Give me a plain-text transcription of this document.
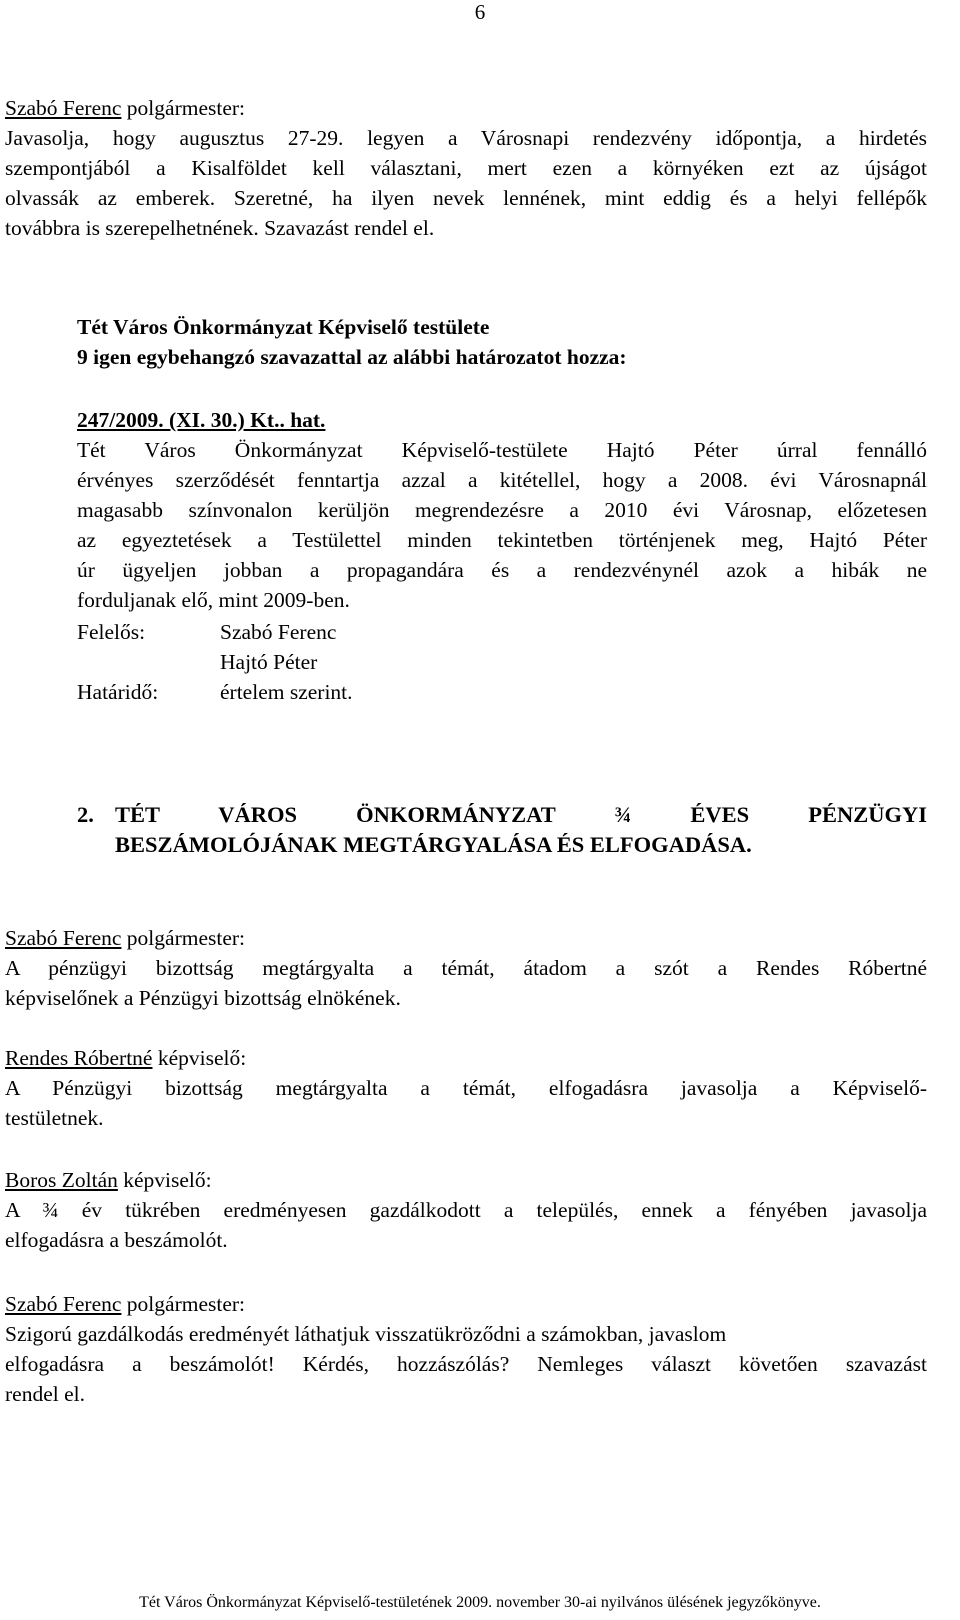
6
Szabó Ferenc polgármester:
Javasolja, hogy augusztus 27-29. legyen a Városnapi rendezvény időpontja, a hirdetés
szempontjából a Kisalföldet kell választani, mert ezen a környéken ezt az újságot
olvassák az emberek. Szeretné, ha ilyen nevek lennének, mint eddig és a helyi fellépők
továbbra is szerepelhetnének. Szavazást rendel el.
Tét Város Önkormányzat Képviselő testülete
9 igen egybehangzó szavazattal az alábbi határozatot hozza:
247/2009. (XI. 30.) Kt.. hat.
Tét Város Önkormányzat Képviselő-testülete Hajtó Péter úrral fennálló
érvényes szerződését fenntartja azzal a kitétellel, hogy a 2008. évi Városnapnál
magasabb színvonalon kerüljön megrendezésre a 2010 évi Városnap, előzetesen
az egyeztetések a Testülettel minden tekintetben történjenek meg, Hajtó Péter
úr ügyeljen jobban a propagandára és a rendezvénynél azok a hibák ne
forduljanak elő, mint 2009-ben.
Felelős:	Szabó Ferenc
Hajtó Péter
Határidő:	értelem szerint.
2. TÉT VÁROS ÖNKORMÁNYZAT ¾ ÉVES PÉNZÜGYI
BESZÁMOLÓJÁNAK MEGTÁRGYALÁSA ÉS ELFOGADÁSA.
Szabó Ferenc polgármester:
A pénzügyi bizottság megtárgyalta a témát, átadom a szót a Rendes Róbertné
képviselőnek a Pénzügyi bizottság elnökének.
Rendes Róbertné képviselő:
A Pénzügyi bizottság megtárgyalta a témát, elfogadásra javasolja a Képviselő-
testületnek.
Boros Zoltán képviselő:
A ¾ év tükrében eredményesen gazdálkodott a település, ennek a fényében javasolja
elfogadásra a beszámolót.
Szabó Ferenc polgármester:
Szigorú gazdálkodás eredményét láthatjuk visszatükröződni a számokban, javaslom
elfogadásra a beszámolót! Kérdés, hozzászólás? Nemleges választ követően szavazást
rendel el.
Tét Város Önkormányzat Képviselő-testületének 2009. november 30-ai nyilvános ülésének jegyzőkönyve.
